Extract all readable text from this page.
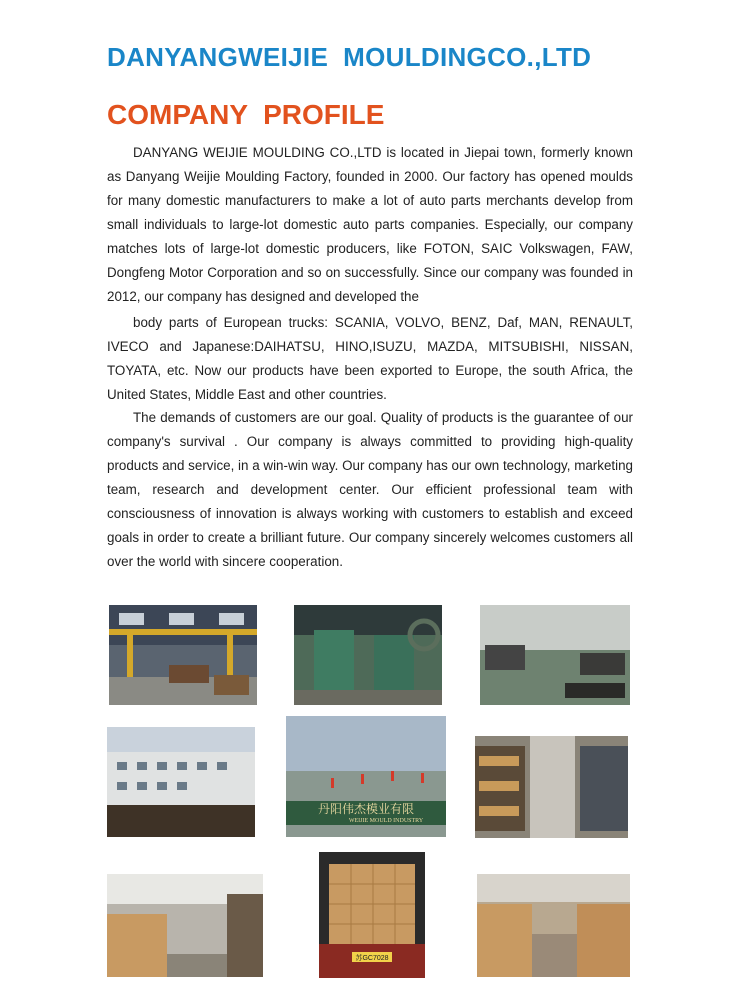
DANYANGWEIJIE  MOULDINGCO.,LTD
COMPANY  PROFILE

DANYANG WEIJIE MOULDING CO.,LTD is located in Jiepai town, formerly known as Danyang Weijie Moulding Factory, founded in 2000. Our factory has opened moulds for many domestic manufacturers to make a lot of auto parts merchants develop from small individuals to large-lot domestic auto parts companies. Especially, our company matches lots of large-lot domestic producers, like FOTON, SAIC Volkswagen, FAW, Dongfeng Motor Corporation and so on successfully. Since our company was founded in 2012, our company has designed and developed the

body parts of European trucks: SCANIA, VOLVO, BENZ, Daf, MAN, RENAULT, IVECO and Japanese:DAIHATSU, HINO,ISUZU, MAZDA, MITSUBISHI, NISSAN, TOYATA, etc. Now our products have been exported to Europe, the south Africa, the United States, Middle East and other countries.

The demands of customers are our goal. Quality of products is the guarantee of our company's survival . Our company is always committed to providing high-quality products and service, in a win-win way. Our company has our own technology, marketing team, research and development center. Our efficient professional team with consciousness of innovation is always working with customers to establish and exceed goals in order to create a brilliant future. Our company sincerely welcomes customers all over the world with sincere cooperation.

丹阳伟杰模业有限
WEIJIE MOULD INDUSTRY
苏GC7028
